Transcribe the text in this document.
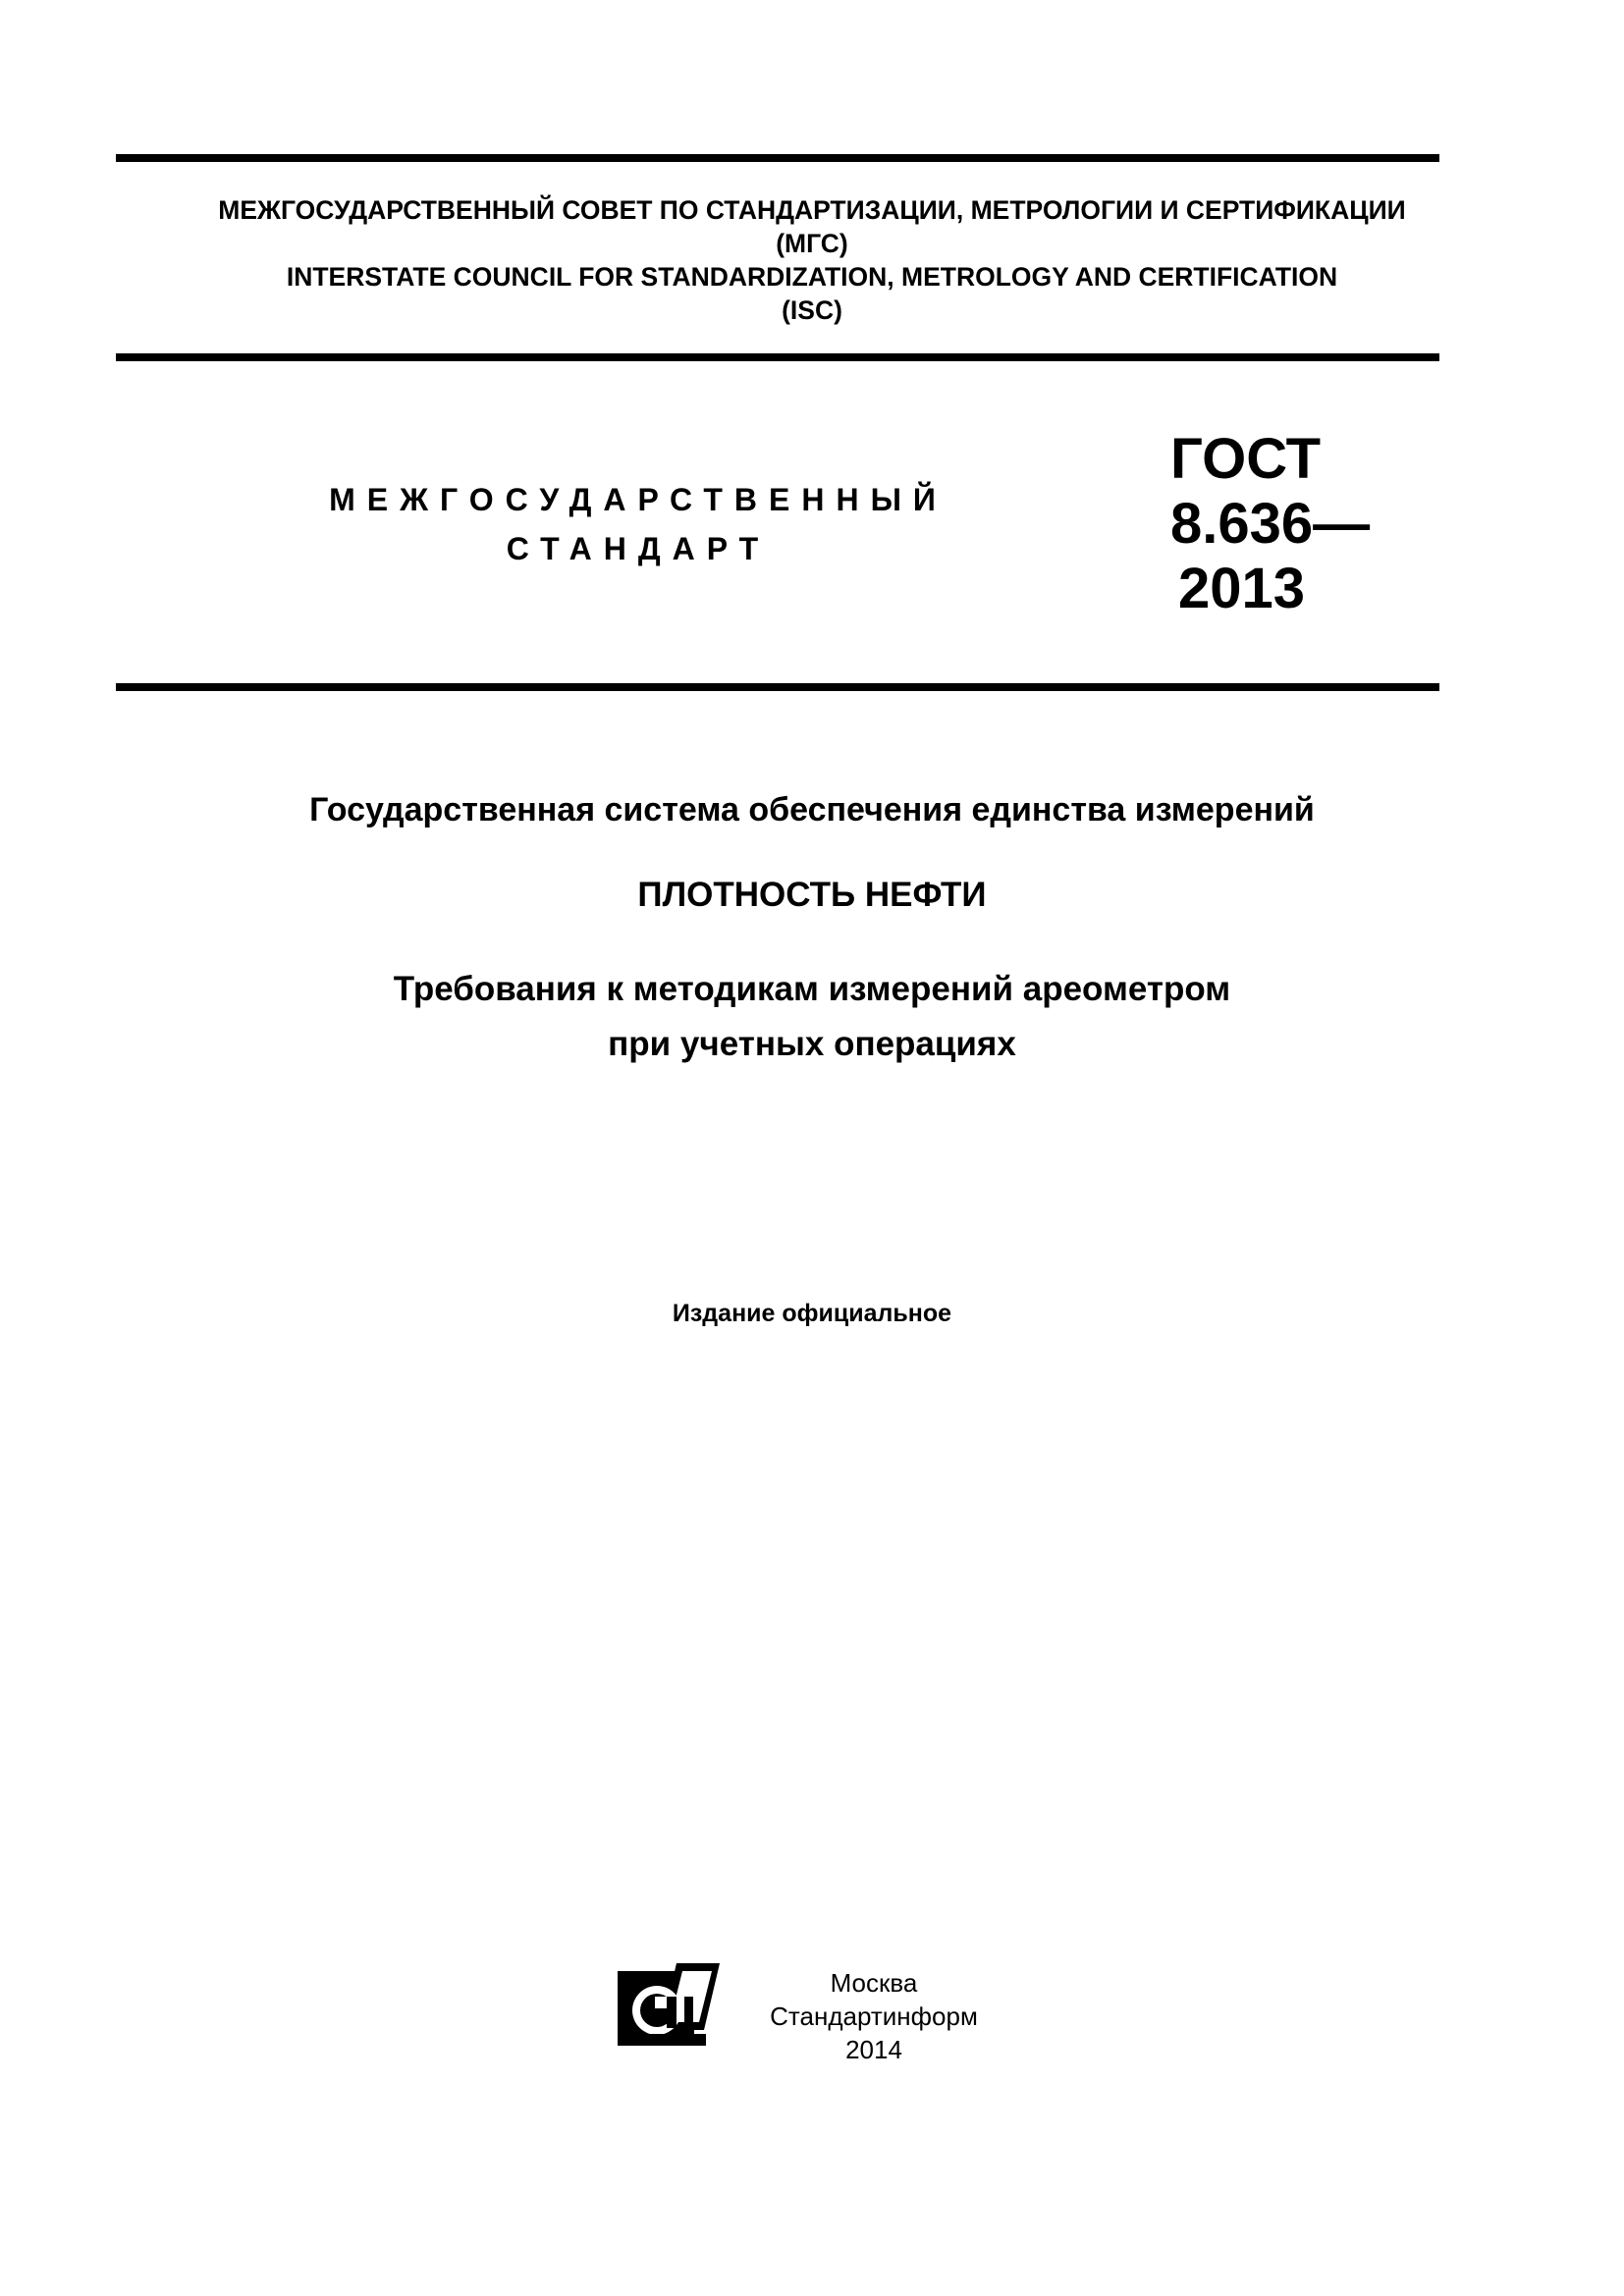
МЕЖГОСУДАРСТВЕННЫЙ СОВЕТ ПО СТАНДАРТИЗАЦИИ, МЕТРОЛОГИИ И СЕРТИФИКАЦИИ
(МГС)
INTERSTATE COUNCIL FOR STANDARDIZATION, METROLOGY AND CERTIFICATION
(ISC)
МЕЖГОСУДАРСТВЕННЫЙ
СТАНДАРТ
ГОСТ
8.636—
2013
Государственная система обеспечения единства измерений
ПЛОТНОСТЬ НЕФТИ
Требования к методикам измерений ареометром
при учетных операциях
Издание официальное
Москва
Стандартинформ
2014
